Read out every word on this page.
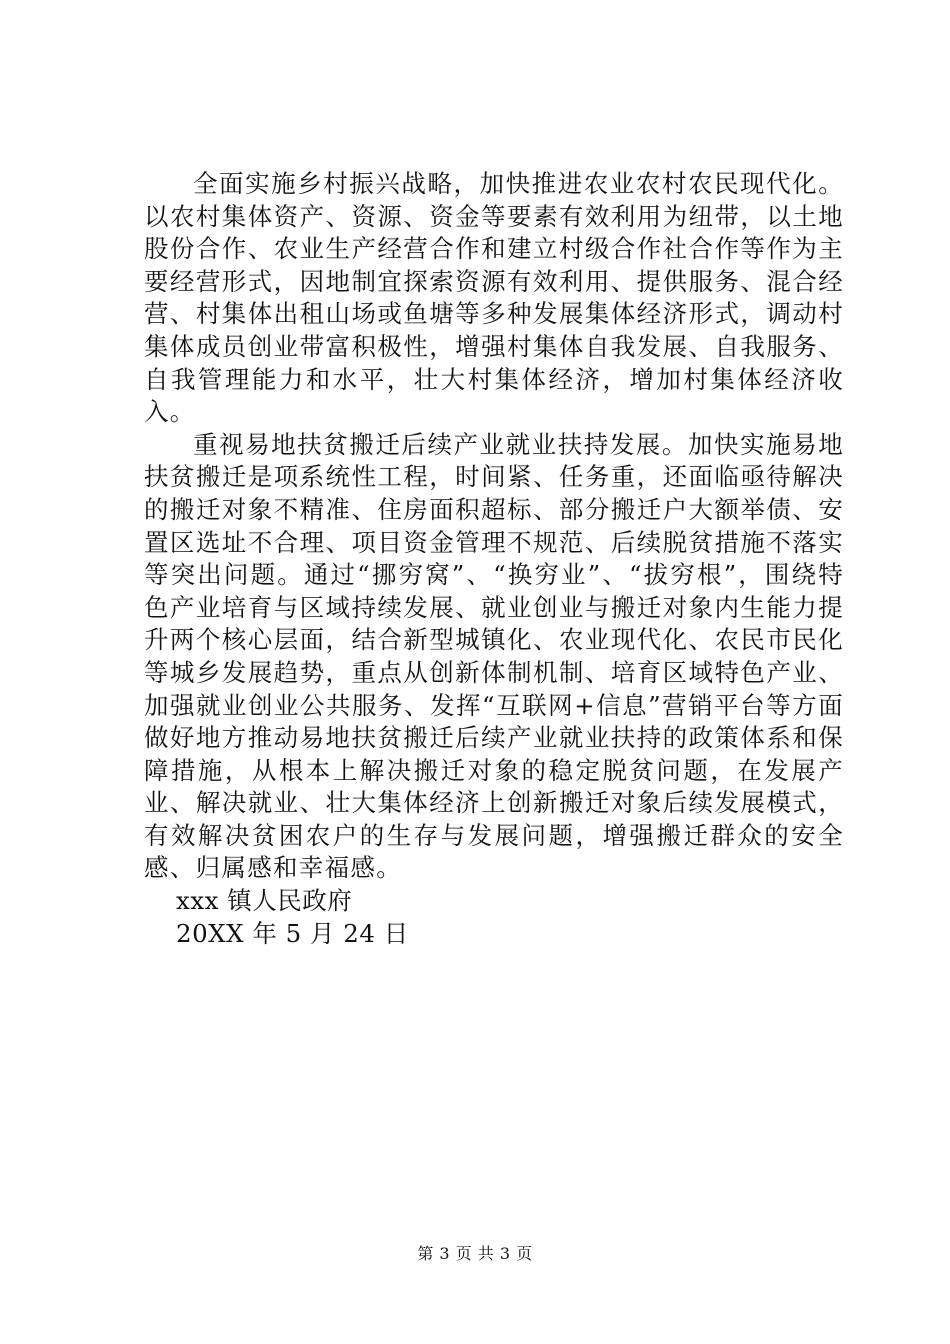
全面实施乡村振兴战略，加快推进农业农村农民现代化。以农村集体资产、资源、资金等要素有效利用为纽带，以土地股份合作、农业生产经营合作和建立村级合作社合作等作为主要经营形式，因地制宜探索资源有效利用、提供服务、混合经营、村集体出租山场或鱼塘等多种发展集体经济形式，调动村集体成员创业带富积极性，增强村集体自我发展、自我服务、自我管理能力和水平，壮大村集体经济，增加村集体经济收入。

重视易地扶贫搬迁后续产业就业扶持发展。加快实施易地扶贫搬迁是项系统性工程，时间紧、任务重，还面临亟待解决的搬迁对象不精准、住房面积超标、部分搬迁户大额举债、安置区选址不合理、项目资金管理不规范、后续脱贫措施不落实等突出问题。通过“挪穷窝”、“换穷业”、“拔穷根”，围绕特色产业培育与区域持续发展、就业创业与搬迁对象内生能力提升两个核心层面，结合新型城镇化、农业现代化、农民市民化等城乡发展趋势，重点从创新体制机制、培育区域特色产业、加强就业创业公共服务、发挥“互联网+信息”营销平台等方面做好地方推动易地扶贫搬迁后续产业就业扶持的政策体系和保障措施，从根本上解决搬迁对象的稳定脱贫问题，在发展产业、解决就业、壮大集体经济上创新搬迁对象后续发展模式，有效解决贫困农户的生存与发展问题，增强搬迁群众的安全感、归属感和幸福感。

xxx 镇人民政府

20XX 年 5 月 24 日

第 3 页 共 3 页
